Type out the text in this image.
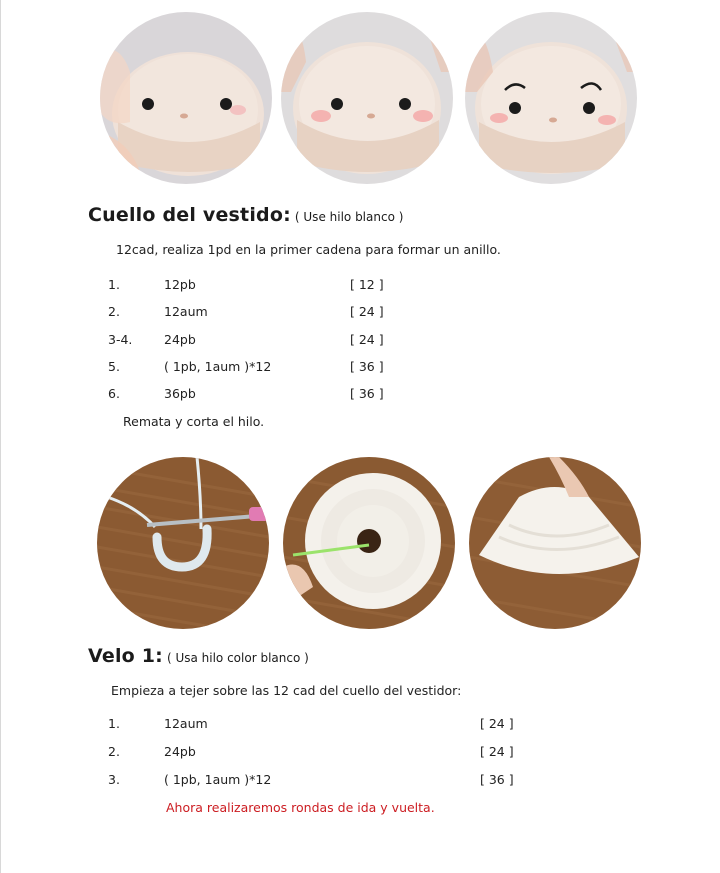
Cuello del vestido: ( Use hilo blanco )
12cad, realiza 1pd en la primer cadena para formar un anillo.
1.	12pb	[ 12 ]
2.	12aum	[ 24 ]
3-4.	24pb	[ 24 ]
5.	( 1pb, 1aum )*12	[ 36 ]
6.	36pb	[ 36 ]
Remata y corta el hilo.
Velo 1: ( Usa hilo color blanco )
Empieza a tejer sobre las 12 cad del cuello del vestidor:
1.	12aum	[ 24 ]
2.	24pb	[ 24 ]
3.	( 1pb, 1aum )*12	[ 36 ]
Ahora realizaremos rondas de ida y vuelta.
